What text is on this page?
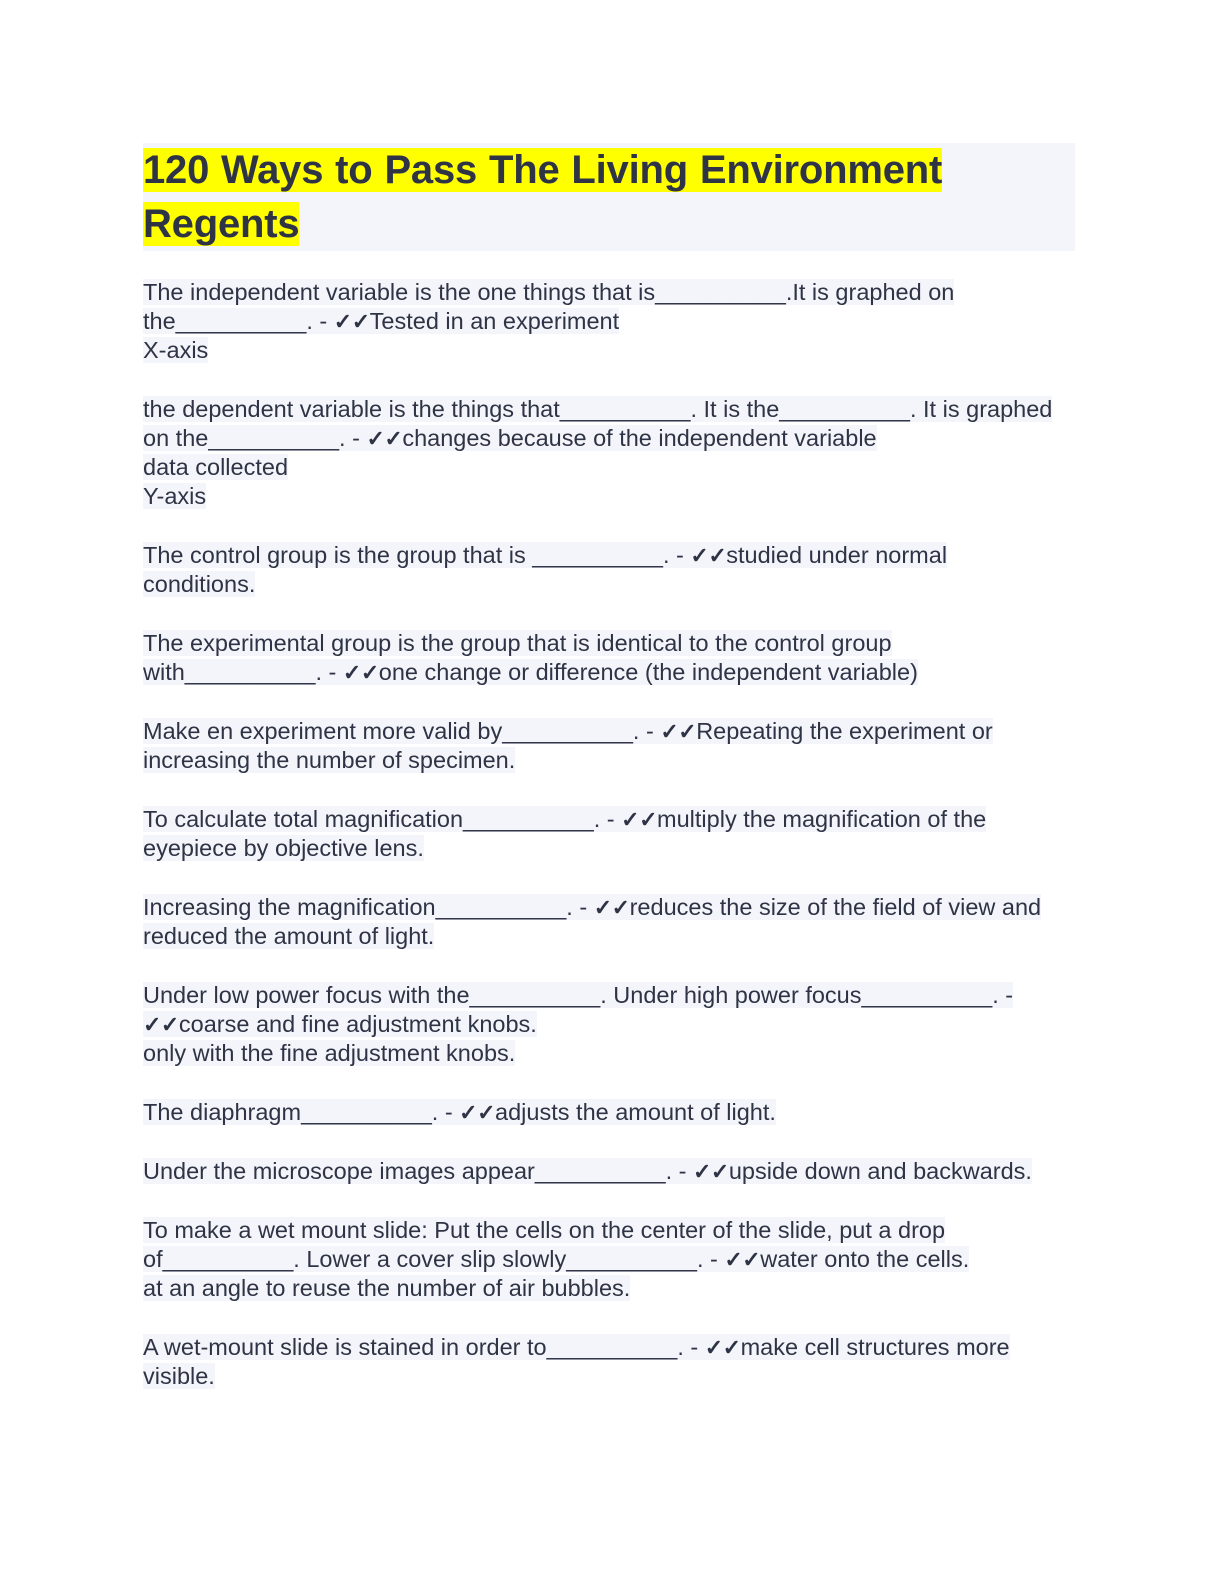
120 Ways to Pass The Living Environment Regents

The independent variable is the one things that is__________.It is graphed on
the__________. - ✓✓Tested in an experiment
X-axis

the dependent variable is the things that__________. It is the__________. It is graphed
on the__________. - ✓✓changes because of the independent variable
data collected
Y-axis

The control group is the group that is __________. - ✓✓studied under normal
conditions.

The experimental group is the group that is identical to the control group
with__________. - ✓✓one change or difference (the independent variable)

Make en experiment more valid by__________. - ✓✓Repeating the experiment or
increasing the number of specimen.

To calculate total magnification__________. - ✓✓multiply the magnification of the
eyepiece by objective lens.

Increasing the magnification__________. - ✓✓reduces the size of the field of view and
reduced the amount of light.

Under low power focus with the__________. Under high power focus__________. -
✓✓coarse and fine adjustment knobs.
only with the fine adjustment knobs.

The diaphragm__________. - ✓✓adjusts the amount of light.

Under the microscope images appear__________. - ✓✓upside down and backwards.

To make a wet mount slide: Put the cells on the center of the slide, put a drop
of__________. Lower a cover slip slowly__________. - ✓✓water onto the cells.
at an angle to reuse the number of air bubbles.

A wet-mount slide is stained in order to__________. - ✓✓make cell structures more
visible.
